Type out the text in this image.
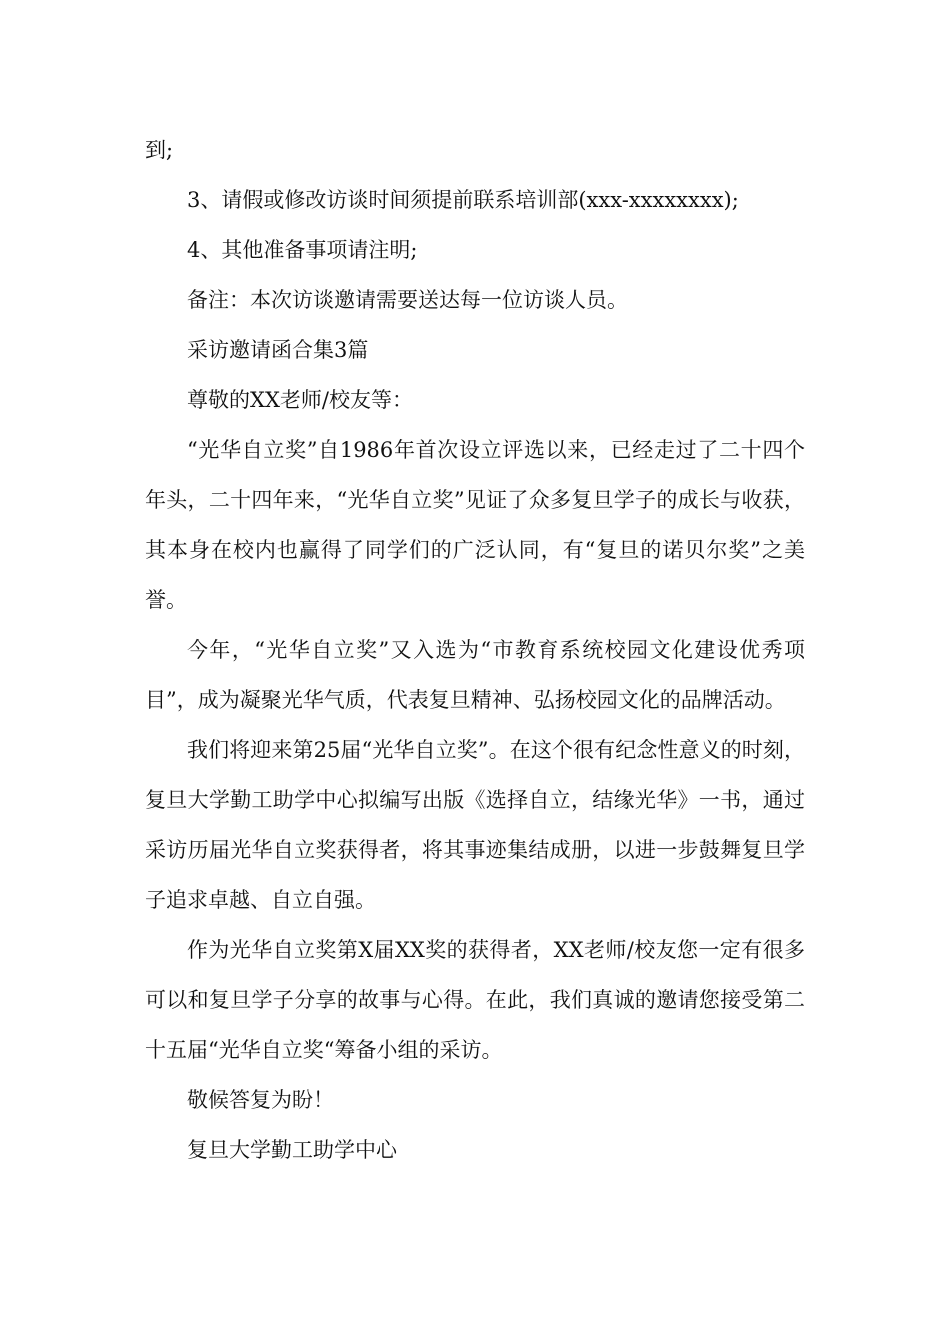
到;

3、请假或修改访谈时间须提前联系培训部(xxx-xxxxxxxx);

4、其他准备事项请注明;

备注：本次访谈邀请需要送达每一位访谈人员。

采访邀请函合集3篇

尊敬的XX老师/校友等：

“光华自立奖”自1986年首次设立评选以来，已经走过了二十四个年头，二十四年来，“光华自立奖”见证了众多复旦学子的成长与收获，其本身在校内也赢得了同学们的广泛认同，有“复旦的诺贝尔奖”之美誉。

今年，“光华自立奖”又入选为“市教育系统校园文化建设优秀项目”，成为凝聚光华气质，代表复旦精神、弘扬校园文化的品牌活动。

我们将迎来第25届“光华自立奖”。在这个很有纪念性意义的时刻，复旦大学勤工助学中心拟编写出版《选择自立，结缘光华》一书，通过采访历届光华自立奖获得者，将其事迹集结成册，以进一步鼓舞复旦学子追求卓越、自立自强。

作为光华自立奖第X届XX奖的获得者，XX老师/校友您一定有很多可以和复旦学子分享的故事与心得。在此，我们真诚的邀请您接受第二十五届“光华自立奖“筹备小组的采访。

敬候答复为盼！

复旦大学勤工助学中心
